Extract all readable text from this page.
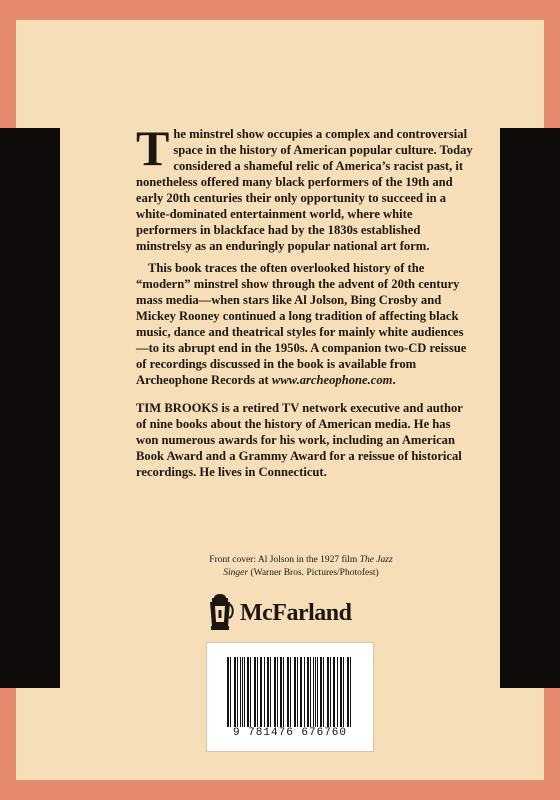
The minstrel show occupies a complex and controversial space in the history of American popular culture. Today considered a shameful relic of America’s racist past, it nonetheless offered many black performers of the 19th and early 20th centuries their only opportunity to succeed in a white-dominated entertainment world, where white performers in blackface had by the 1830s established minstrelsy as an enduringly popular national art form.

This book traces the often overlooked history of the “modern” minstrel show through the advent of 20th century mass media—when stars like Al Jolson, Bing Crosby and Mickey Rooney continued a long tradition of affecting black music, dance and theatrical styles for mainly white audiences—to its abrupt end in the 1950s. A companion two-CD reissue of recordings discussed in the book is available from Archeophone Records at www.archeophone.com.

TIM BROOKS is a retired TV network executive and author of nine books about the history of American media. He has won numerous awards for his work, including an American Book Award and a Grammy Award for a reissue of historical recordings. He lives in Connecticut.

Front cover: Al Jolson in the 1927 film The Jazz Singer (Warner Bros. Pictures/Photofest)
McFarland
9 781476 676760
